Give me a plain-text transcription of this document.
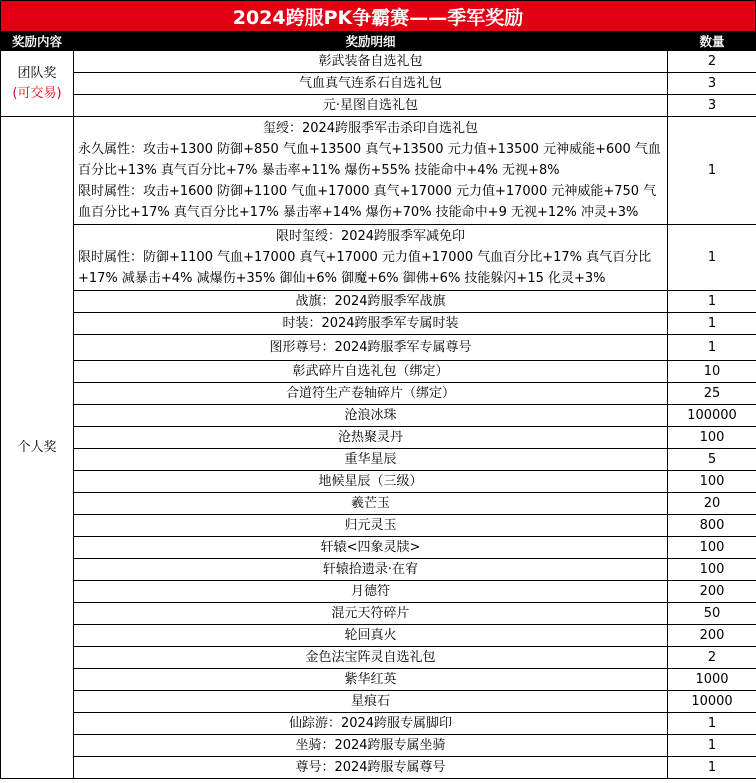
2024跨服PK争霸赛——季军奖励
奖励内容	奖励明细	数量

团队奖
(可交易)	彰武装备自选礼包	2
	气血真气连系石自选礼包	3
	元·星图自选礼包	3
个人奖	玺绶：2024跨服季军击杀印自选礼包
永久属性：攻击+1300 防御+850 气血+13500 真气+13500 元力值+13500 元神威能+600 气血百分比+13% 真气百分比+7% 暴击率+11% 爆伤+55% 技能命中+4% 无视+8%
限时属性：攻击+1600 防御+1100 气血+17000 真气+17000 元力值+17000 元神威能+750 气血百分比+17% 真气百分比+17% 暴击率+14% 爆伤+70% 技能命中+9 无视+12% 冲灵+3%	1

	限时玺绶：2024跨服季军减免印
限时属性：防御+1100 气血+17000 真气+17000 元力值+17000 气血百分比+17% 真气百分比+17% 减暴击+4% 减爆伤+35% 御仙+6% 御魔+6% 御佛+6% 技能躲闪+15 化灵+3%	1
	战旗：2024跨服季军战旗	1
	时装：2024跨服季军专属时装	1
	图形尊号：2024跨服季军专属尊号	1
	彰武碎片自选礼包（绑定）	10
	合道符生产卷轴碎片（绑定）	25
	沧浪冰珠	100000
	沧热聚灵丹	100
	重华星辰	5
	地候星辰（三级）	100
	羲芒玉	20
	归元灵玉	800
	轩辕<四象灵牍>	100
	轩辕拾遗录·在宥	100
	月德符	200
	混元天符碎片	50
	轮回真火	200
	金色法宝阵灵自选礼包	2
	紫华红英	1000
	星痕石	10000
	仙踪游：2024跨服专属脚印	1
	坐骑：2024跨服专属坐骑	1
	尊号：2024跨服专属尊号	1
